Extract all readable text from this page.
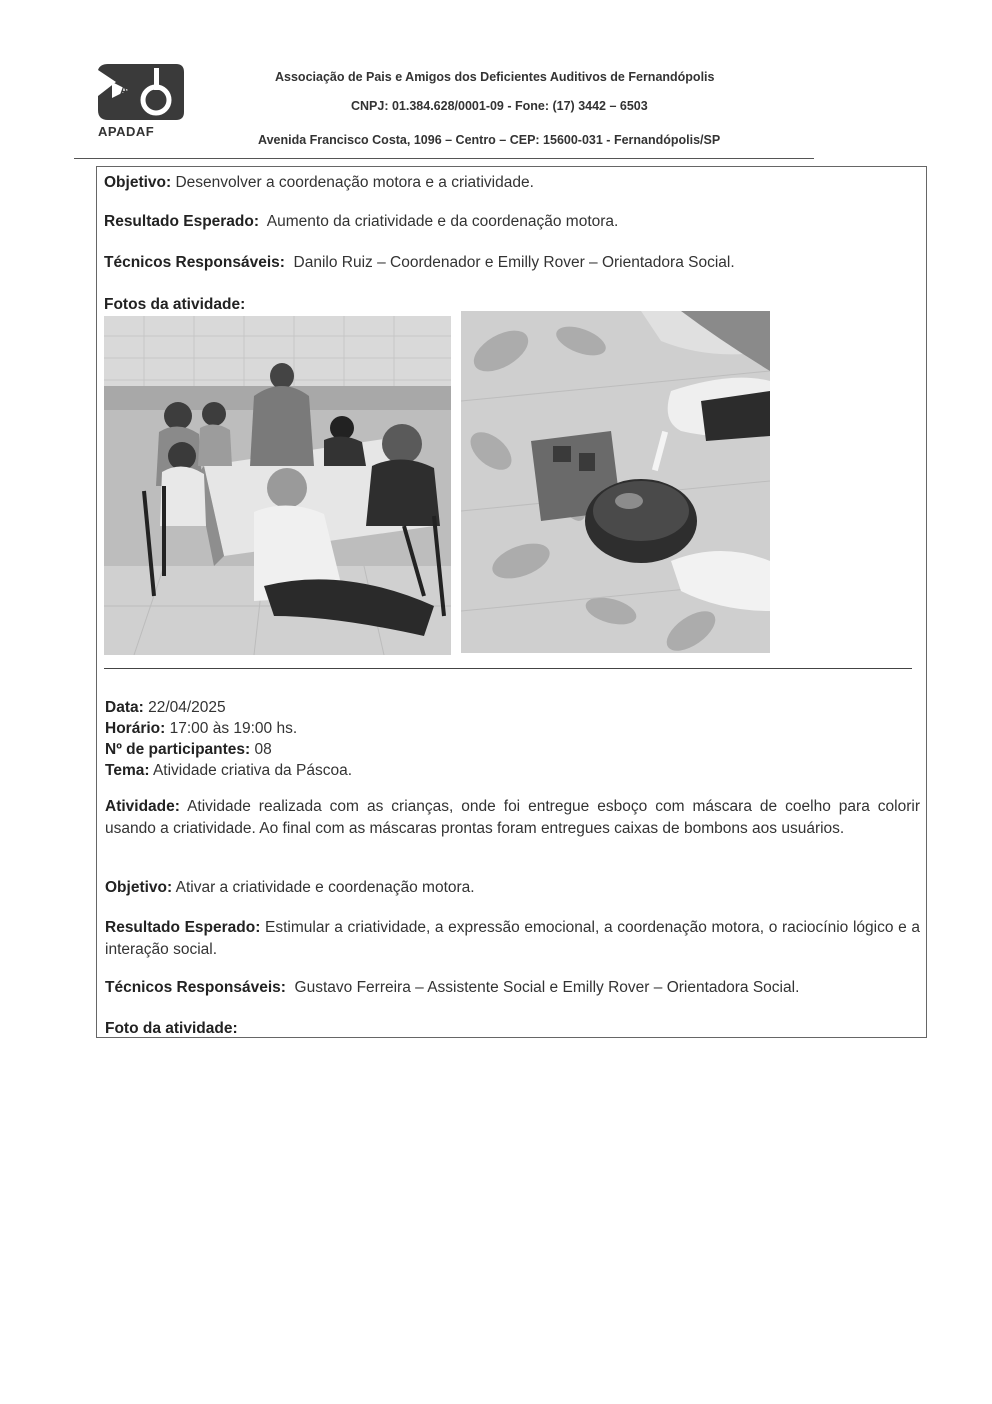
A
APADAF
Associação de Pais e Amigos dos Deficientes Auditivos de Fernandópolis
CNPJ: 01.384.628/0001-09 - Fone: (17) 3442 – 6503
Avenida Francisco Costa, 1096 – Centro – CEP: 15600-031 - Fernandópolis/SP
Objetivo: Desenvolver a coordenação motora e a criatividade.
Resultado Esperado: Aumento da criatividade e da coordenação motora.
Técnicos Responsáveis: Danilo Ruiz – Coordenador e Emilly Rover – Orientadora Social.
Fotos da atividade:
Data: 22/04/2025
Horário: 17:00 às 19:00 hs.
Nº de participantes: 08
Tema: Atividade criativa da Páscoa.
Atividade: Atividade realizada com as crianças, onde foi entregue esboço com máscara de coelho para colorir usando a criatividade. Ao final com as máscaras prontas foram entregues caixas de bombons aos usuários.
Objetivo: Ativar a criatividade e coordenação motora.
Resultado Esperado: Estimular a criatividade, a expressão emocional, a coordenação motora, o raciocínio lógico e a interação social.
Técnicos Responsáveis: Gustavo Ferreira – Assistente Social e Emilly Rover – Orientadora Social.
Foto da atividade:
